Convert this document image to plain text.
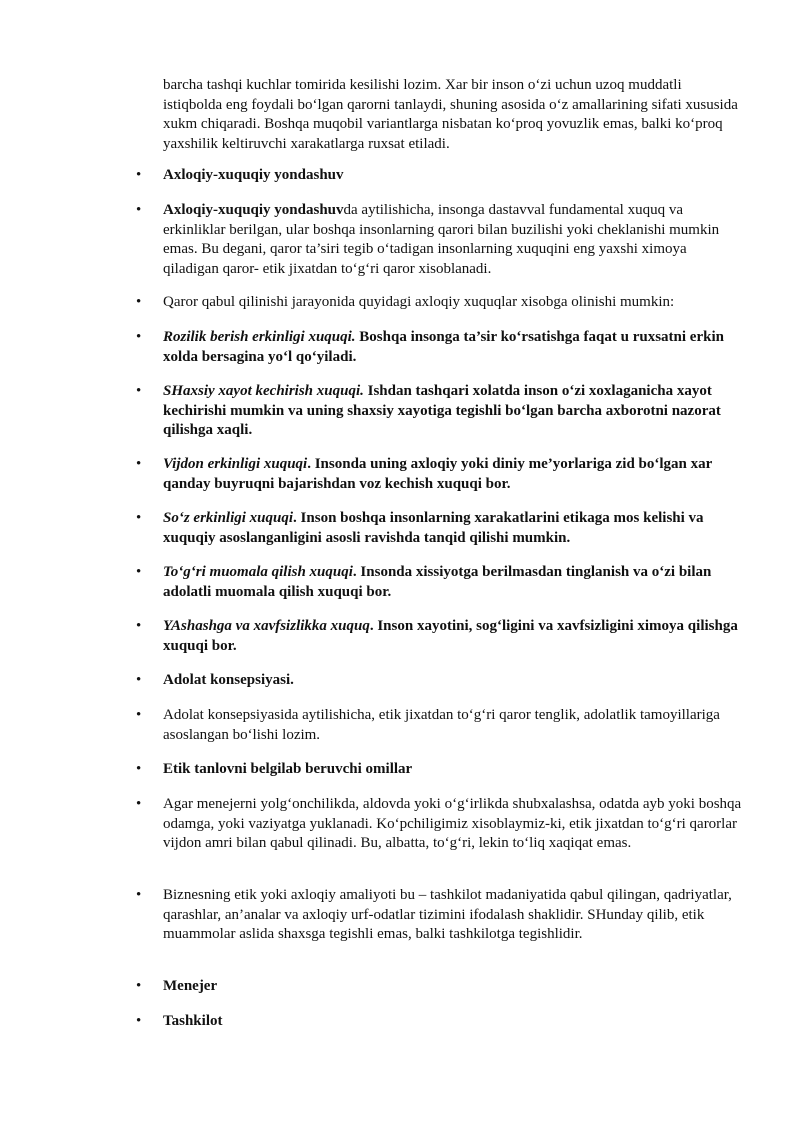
barcha tashqi kuchlar tomirida kesilishi lozim. Xar bir inson o‘zi uchun uzoq muddatli istiqbolda eng foydali bo‘lgan qarorni tanlaydi, shuning asosida o‘z amallarining sifati xususida xukm chiqaradi. Boshqa muqobil variantlarga nisbatan ko‘proq yovuzlik emas, balki ko‘proq yaxshilik keltiruvchi xarakatlarga ruxsat etiladi.

• Axloqiy-xuquqiy yondashuv
• Axloqiy-xuquqiy yondashuvda aytilishicha, insonga dastavval fundamental xuquq va erkinliklar berilgan, ular boshqa insonlarning qarori bilan buzilishi yoki cheklanishi mumkin emas. Bu degani, qaror ta’siri tegib o‘tadigan insonlarning xuquqini eng yaxshi ximoya qiladigan qaror- etik jixatdan to‘g‘ri qaror xisoblanadi.
• Qaror qabul qilinishi jarayonida quyidagi axloqiy xuquqlar xisobga olinishi mumkin:
• Rozilik berish erkinligi xuquqi. Boshqa insonga ta’sir ko‘rsatishga faqat u ruxsatni erkin xolda bersagina yo‘l qo‘yiladi.
• SHaxsiy xayot kechirish xuquqi. Ishdan tashqari xolatda inson o‘zi xoxlaganicha xayot kechirishi mumkin va uning shaxsiy xayotiga tegishli bo‘lgan barcha axborotni nazorat qilishga xaqli.
• Vijdon erkinligi xuquqi. Insonda uning axloqiy yoki diniy me’yorlariga zid bo‘lgan xar qanday buyruqni bajarishdan voz kechish xuquqi bor.
• So‘z erkinligi xuquqi. Inson boshqa insonlarning xarakatlarini etikaga mos kelishi va xuquqiy asoslanganligini asosli ravishda tanqid qilishi mumkin.
• To‘g‘ri muomala qilish xuquqi. Insonda xissiyotga berilmasdan tinglanish va o‘zi bilan adolatli muomala qilish xuquqi bor.
• YAshashga va xavfsizlikka xuquq. Inson xayotini, sog‘ligini va xavfsizligini ximoya qilishga xuquqi bor.
• Adolat konsepsiyasi.
• Adolat konsepsiyasida aytilishicha, etik jixatdan to‘g‘ri qaror tenglik, adolatlik tamoyillariga asoslangan bo‘lishi lozim.
• Etik tanlovni belgilab beruvchi omillar
• Agar menejerni yolg‘onchilikda, aldovda yoki o‘g‘irlikda shubxalashsa, odatda ayb yoki boshqa odamga, yoki vaziyatga yuklanadi. Ko‘pchiligimiz xisoblaymiz-ki, etik jixatdan to‘g‘ri qarorlar vijdon amri bilan qabul qilinadi. Bu, albatta, to‘g‘ri, lekin to‘liq xaqiqat emas.
• Biznesning etik yoki axloqiy amaliyoti bu – tashkilot madaniyatida qabul qilingan, qadriyatlar, qarashlar, an’analar va axloqiy urf-odatlar tizimini ifodalash shaklidir. SHunday qilib, etik muammolar aslida shaxsga tegishli emas, balki tashkilotga tegishlidir.
• Menejer
• Tashkilot
